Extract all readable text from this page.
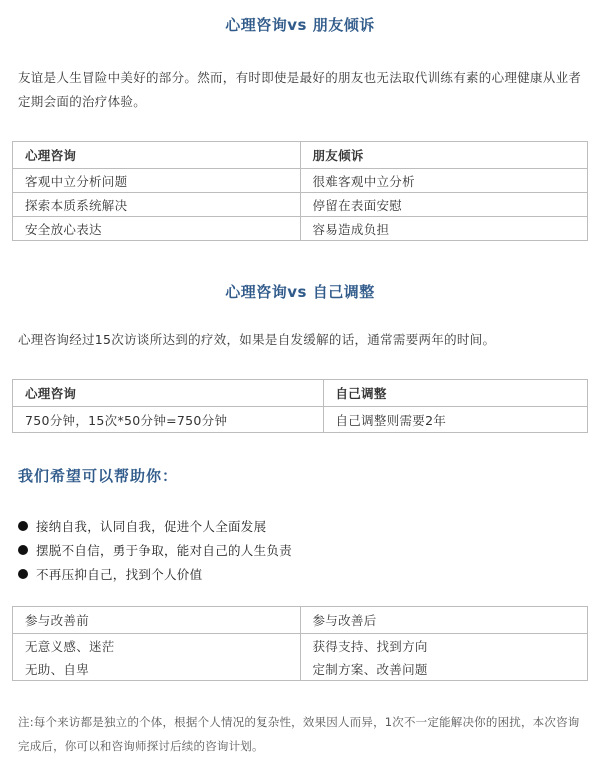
心理咨询vs 朋友倾诉
友谊是人生冒险中美好的部分。然而，有时即使是最好的朋友也无法取代训练有素的心理健康从业者定期会面的治疗体验。
心理咨询	朋友倾诉
客观中立分析问题	很难客观中立分析
探索本质系统解决	停留在表面安慰
安全放心表达	容易造成负担
心理咨询vs 自己调整
心理咨询经过15次访谈所达到的疗效，如果是自发缓解的话，通常需要两年的时间。
心理咨询	自己调整
750分钟，15次*50分钟=750分钟	自己调整则需要2年
我们希望可以帮助你：
接纳自我，认同自我，促进个人全面发展
摆脱不自信，勇于争取，能对自己的人生负责
不再压抑自己，找到个人价值
参与改善前	参与改善后
无意义感、迷茫	获得支持、找到方向
无助、自卑	定制方案、改善问题
注:每个来访都是独立的个体，根据个人情况的复杂性，效果因人而异，1次不一定能解决你的困扰，本次咨询完成后，你可以和咨询师探讨后续的咨询计划。
